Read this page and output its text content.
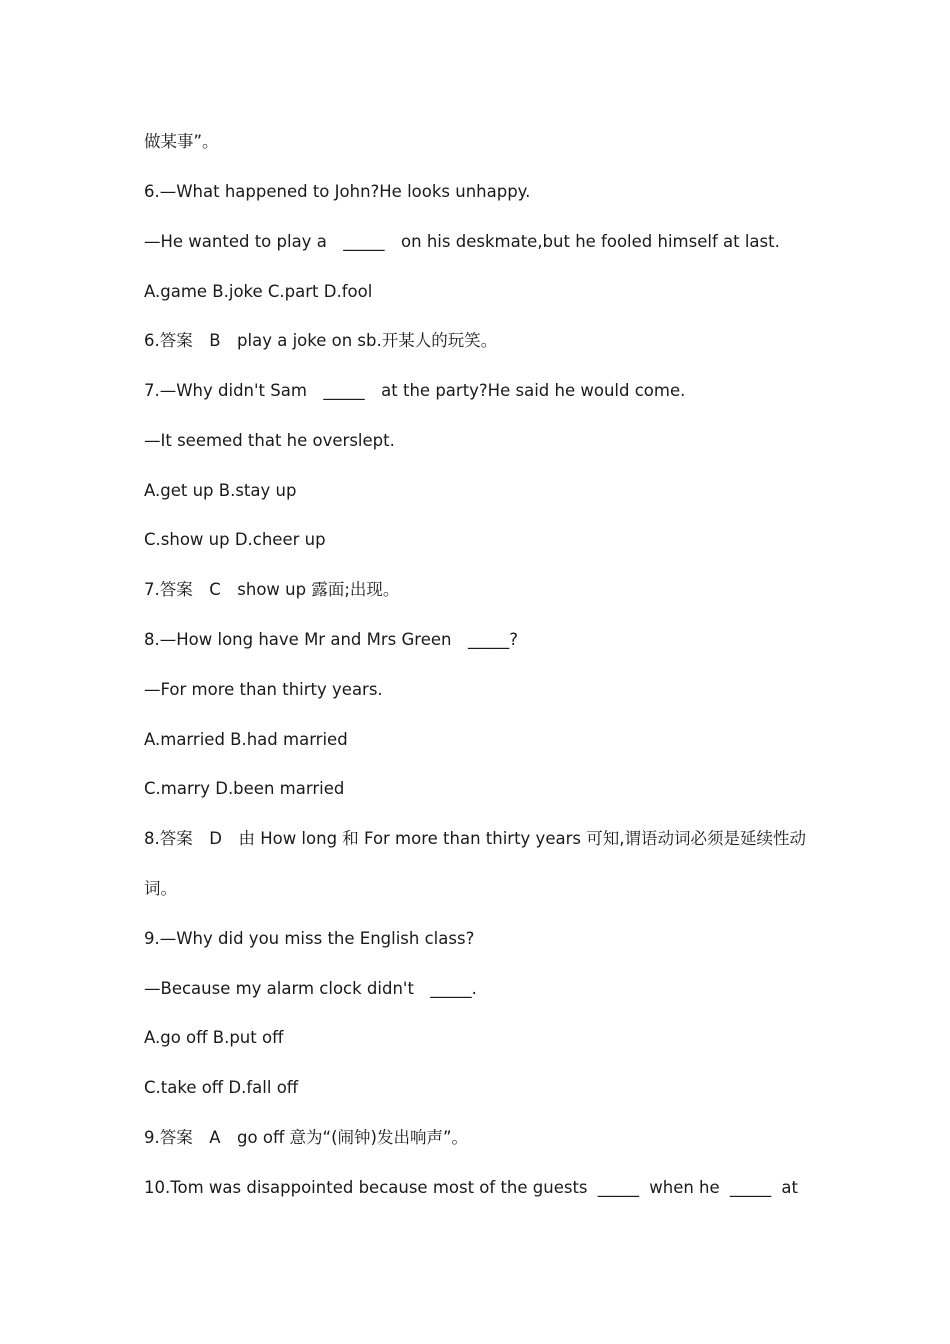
做某事”。
6.—What happened to John?He looks unhappy.
—He wanted to play a　_____　on his deskmate,but he fooled himself at last.
A.game B.joke C.part D.fool
6.答案　B　play a joke on sb.开某人的玩笑。
7.—Why didn't Sam　_____　at the party?He said he would come.
—It seemed that he overslept.
A.get up B.stay up
C.show up D.cheer up
7.答案　C　show up 露面;出现。
8.—How long have Mr and Mrs Green　_____?
—For more than thirty years.
A.married B.had married
C.marry D.been married
8.答案　D　由 How long 和 For more than thirty years 可知,谓语动词必须是延续性动
词。
9.—Why did you miss the English class?
—Because my alarm clock didn't　_____.
A.go off B.put off
C.take off D.fall off
9.答案　A　go off 意为“(闹钟)发出响声”。
10.Tom was disappointed because most of the guests _____ when he _____ at
